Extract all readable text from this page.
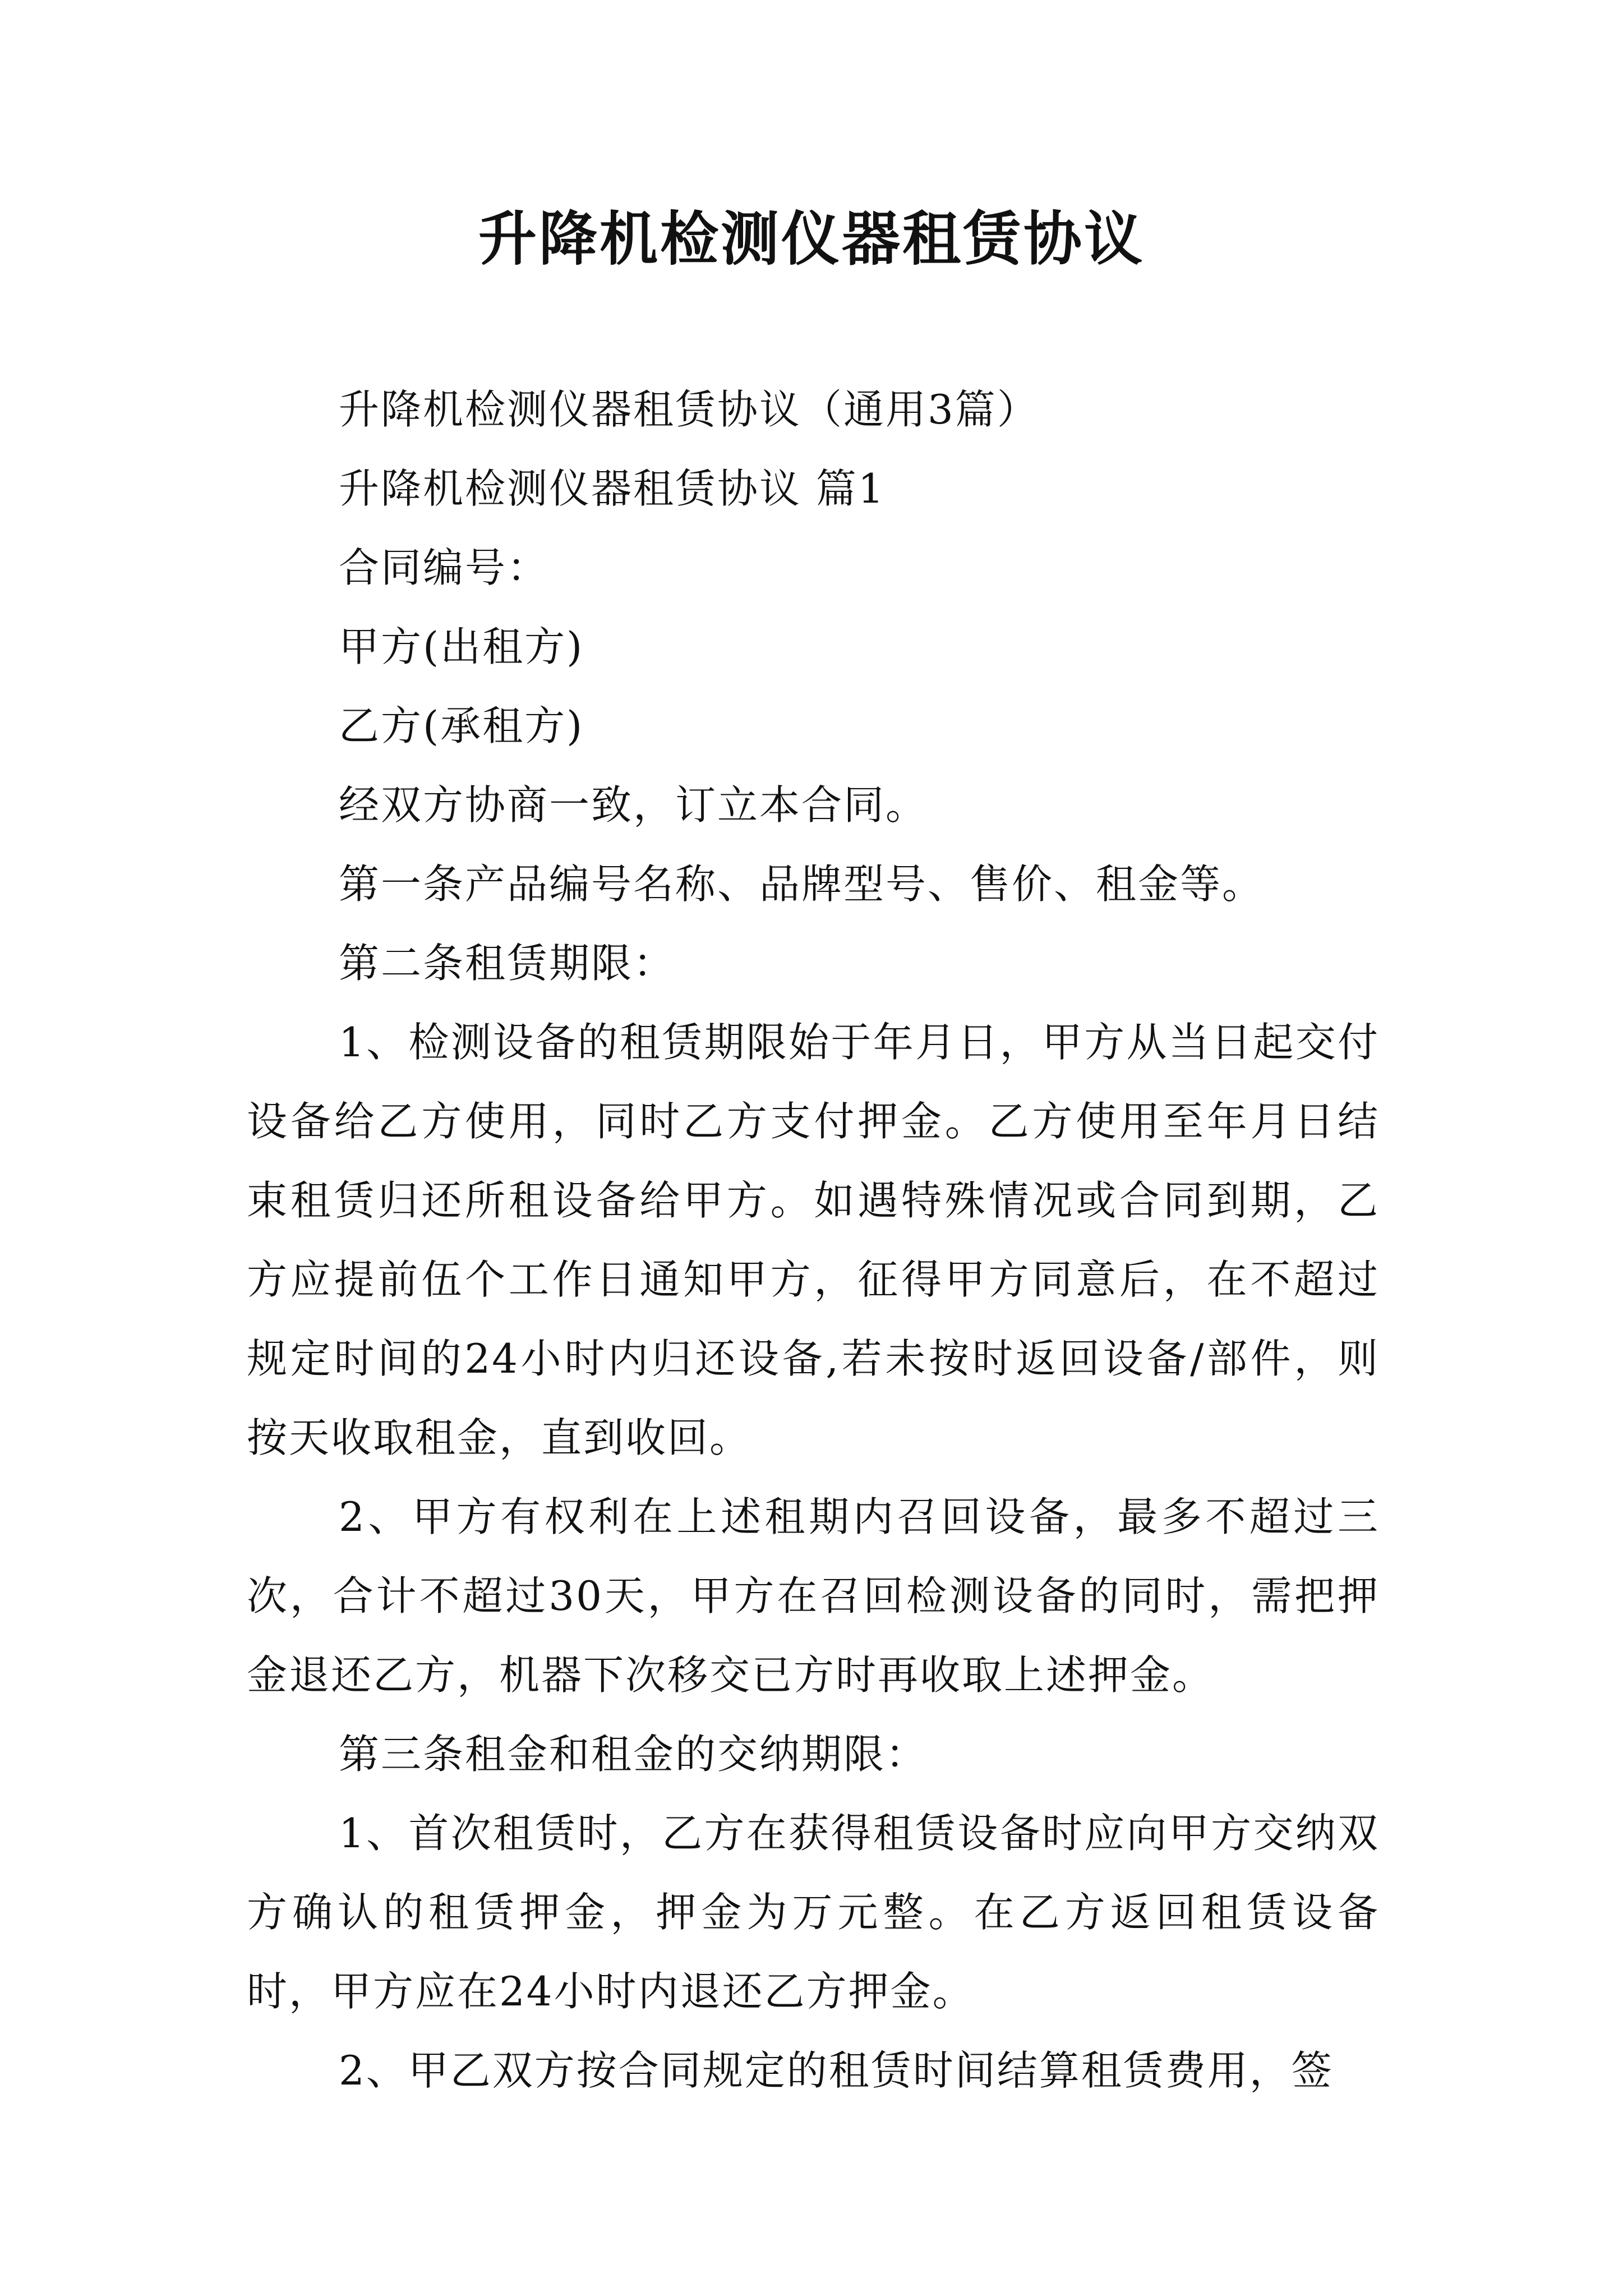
升降机检测仪器租赁协议
升降机检测仪器租赁协议（通用3篇）
升降机检测仪器租赁协议 篇1
合同编号：
甲方(出租方)
乙方(承租方)
经双方协商一致，订立本合同。
第一条产品编号名称、品牌型号、售价、租金等。
第二条租赁期限：
1、检测设备的租赁期限始于年月日，甲方从当日起交付设备给乙方使用，同时乙方支付押金。乙方使用至年月日结束租赁归还所租设备给甲方。如遇特殊情况或合同到期，乙方应提前伍个工作日通知甲方，征得甲方同意后，在不超过规定时间的24小时内归还设备,若未按时返回设备/部件，则按天收取租金，直到收回。
2、甲方有权利在上述租期内召回设备，最多不超过三次，合计不超过30天，甲方在召回检测设备的同时，需把押金退还乙方，机器下次移交已方时再收取上述押金。
第三条租金和租金的交纳期限：
1、首次租赁时，乙方在获得租赁设备时应向甲方交纳双方确认的租赁押金，押金为万元整。在乙方返回租赁设备时，甲方应在24小时内退还乙方押金。
2、甲乙双方按合同规定的租赁时间结算租赁费用，签
